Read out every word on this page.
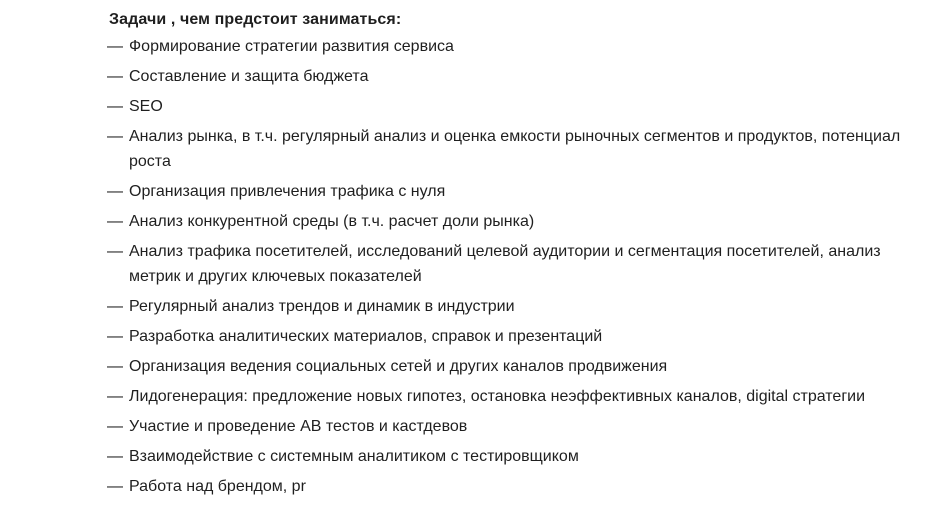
Задачи , чем предстоит заниматься:
— Формирование стратегии развития сервиса
— Составление и защита бюджета
— SEO
— Анализ рынка, в т.ч. регулярный анализ и оценка емкости рыночных сегментов и продуктов, потенциал роста
— Организация привлечения трафика с нуля
— Анализ конкурентной среды (в т.ч. расчет доли рынка)
— Анализ трафика посетителей, исследований целевой аудитории и сегментация посетителей, анализ метрик и других ключевых показателей
— Регулярный анализ трендов и динамик в индустрии
— Разработка аналитических материалов, справок и презентаций
— Организация ведения социальных сетей и других каналов продвижения
— Лидогенерация: предложение новых гипотез, остановка неэффективных каналов, digital стратегии
— Участие и проведение AB тестов и кастдевов
— Взаимодействие с системным аналитиком с тестировщиком
— Работа над брендом, pr
